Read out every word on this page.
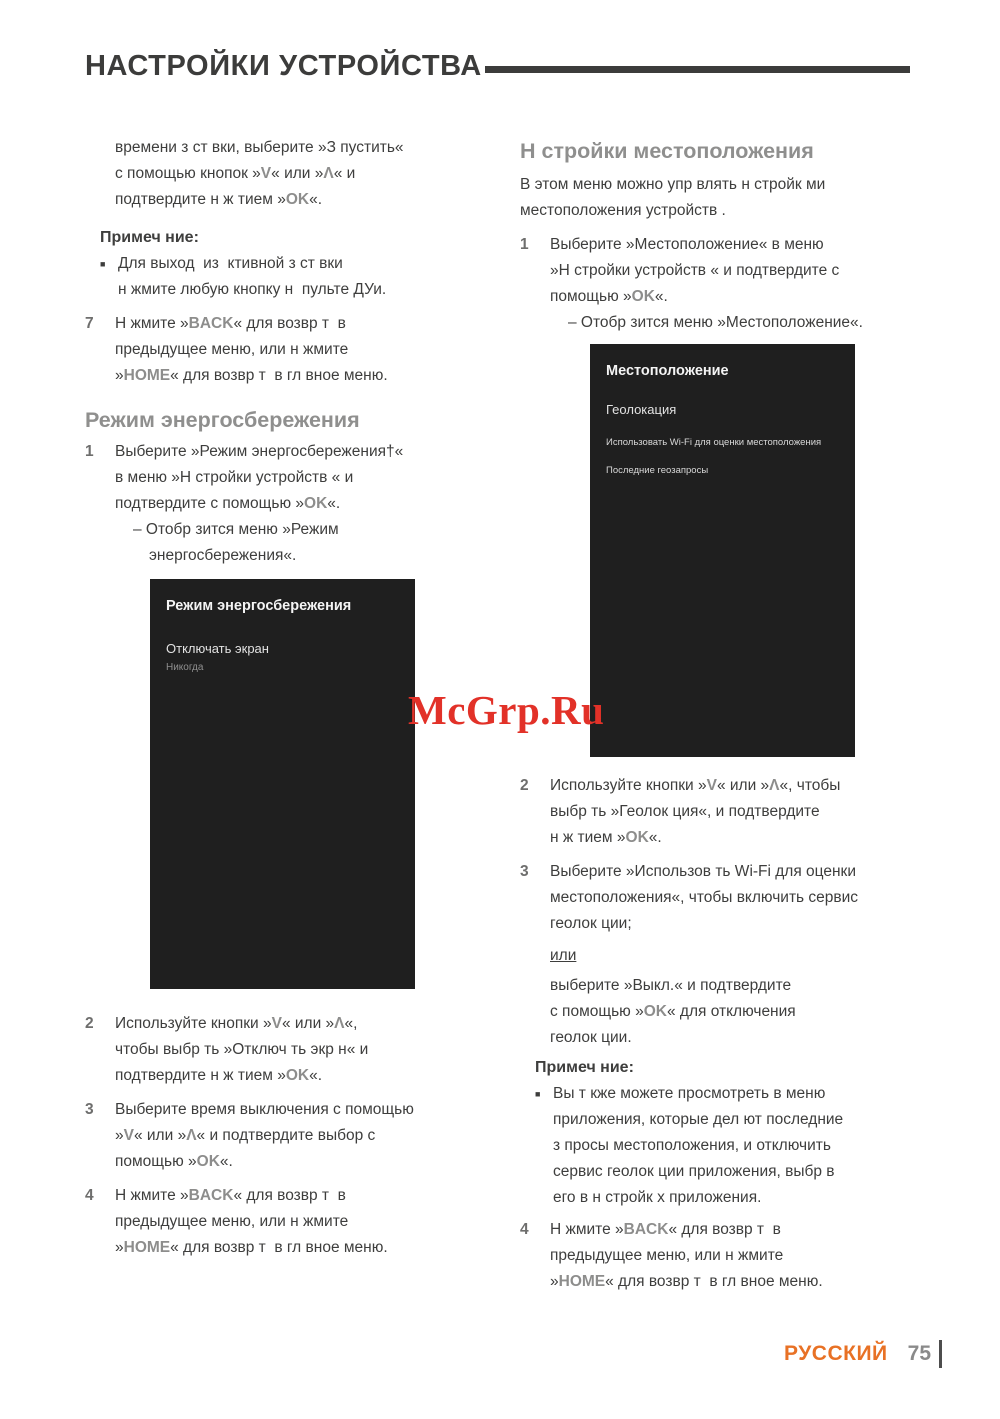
НАСТРОЙКИ УСТРОЙСТВА
времени з ст вки, выберите »З пустить«
с помощью кнопок »V« или »Λ« и
подтвердите н ж тием »OK«.
Примеч ние:
■ Для выход  из  ктивной з ст вки
н жмите любую кнопку н  пульте ДУи.
7	Н жмите »BACK« для возвр т  в
предыдущее меню, или н жмите
»HOME« для возвр т  в гл вное меню.
Режим энергосбережения
1	Выберите »Режим энергосбережения†«
в меню »Н стройки устройств « и
подтвердите с помощью »OK«.
– Отобр зится меню »Режим
энергосбережения«.
Режим энергосбережения
Отключать экран
Никогда
2	Используйте кнопки »V« или »Λ«,
чтобы выбр ть »Отключ ть экр н« и
подтвердите н ж тием »OK«.
3	Выберите время выключения с помощью
»V« или »Λ« и подтвердите выбор с
помощью »OK«.
4	Н жмите »BACK« для возвр т  в
предыдущее меню, или н жмите
»HOME« для возвр т  в гл вное меню.
Н стройки местоположения
В этом меню можно упр влять н стройк ми
местоположения устройств .
1	Выберите »Местоположение« в меню
»Н стройки устройств « и подтвердите с
помощью »OK«.
– Отобр зится меню »Местоположение«.
Местоположение
Геолокация
Использовать Wi-Fi для оценки местоположения
Последние геозапросы
2	Используйте кнопки »V« или »Λ«, чтобы
выбр ть »Геолок ция«, и подтвердите
н ж тием »OK«.
3	Выберите »Использов ть Wi-Fi для оценки
местоположения«, чтобы включить сервис
геолок ции;
или
выберите »Выкл.« и подтвердите
с помощью »OK« для отключения
геолок ции.
Примеч ние:
■ Вы т кже можете просмотреть в меню
приложения, которые дел ют последние
з просы местоположения, и отключить
сервис геолок ции приложения, выбр в
его в н стройк х приложения.
4	Н жмите »BACK« для возвр т  в
предыдущее меню, или н жмите
»HOME« для возвр т  в гл вное меню.
McGrp.Ru
РУССКИЙ 75
